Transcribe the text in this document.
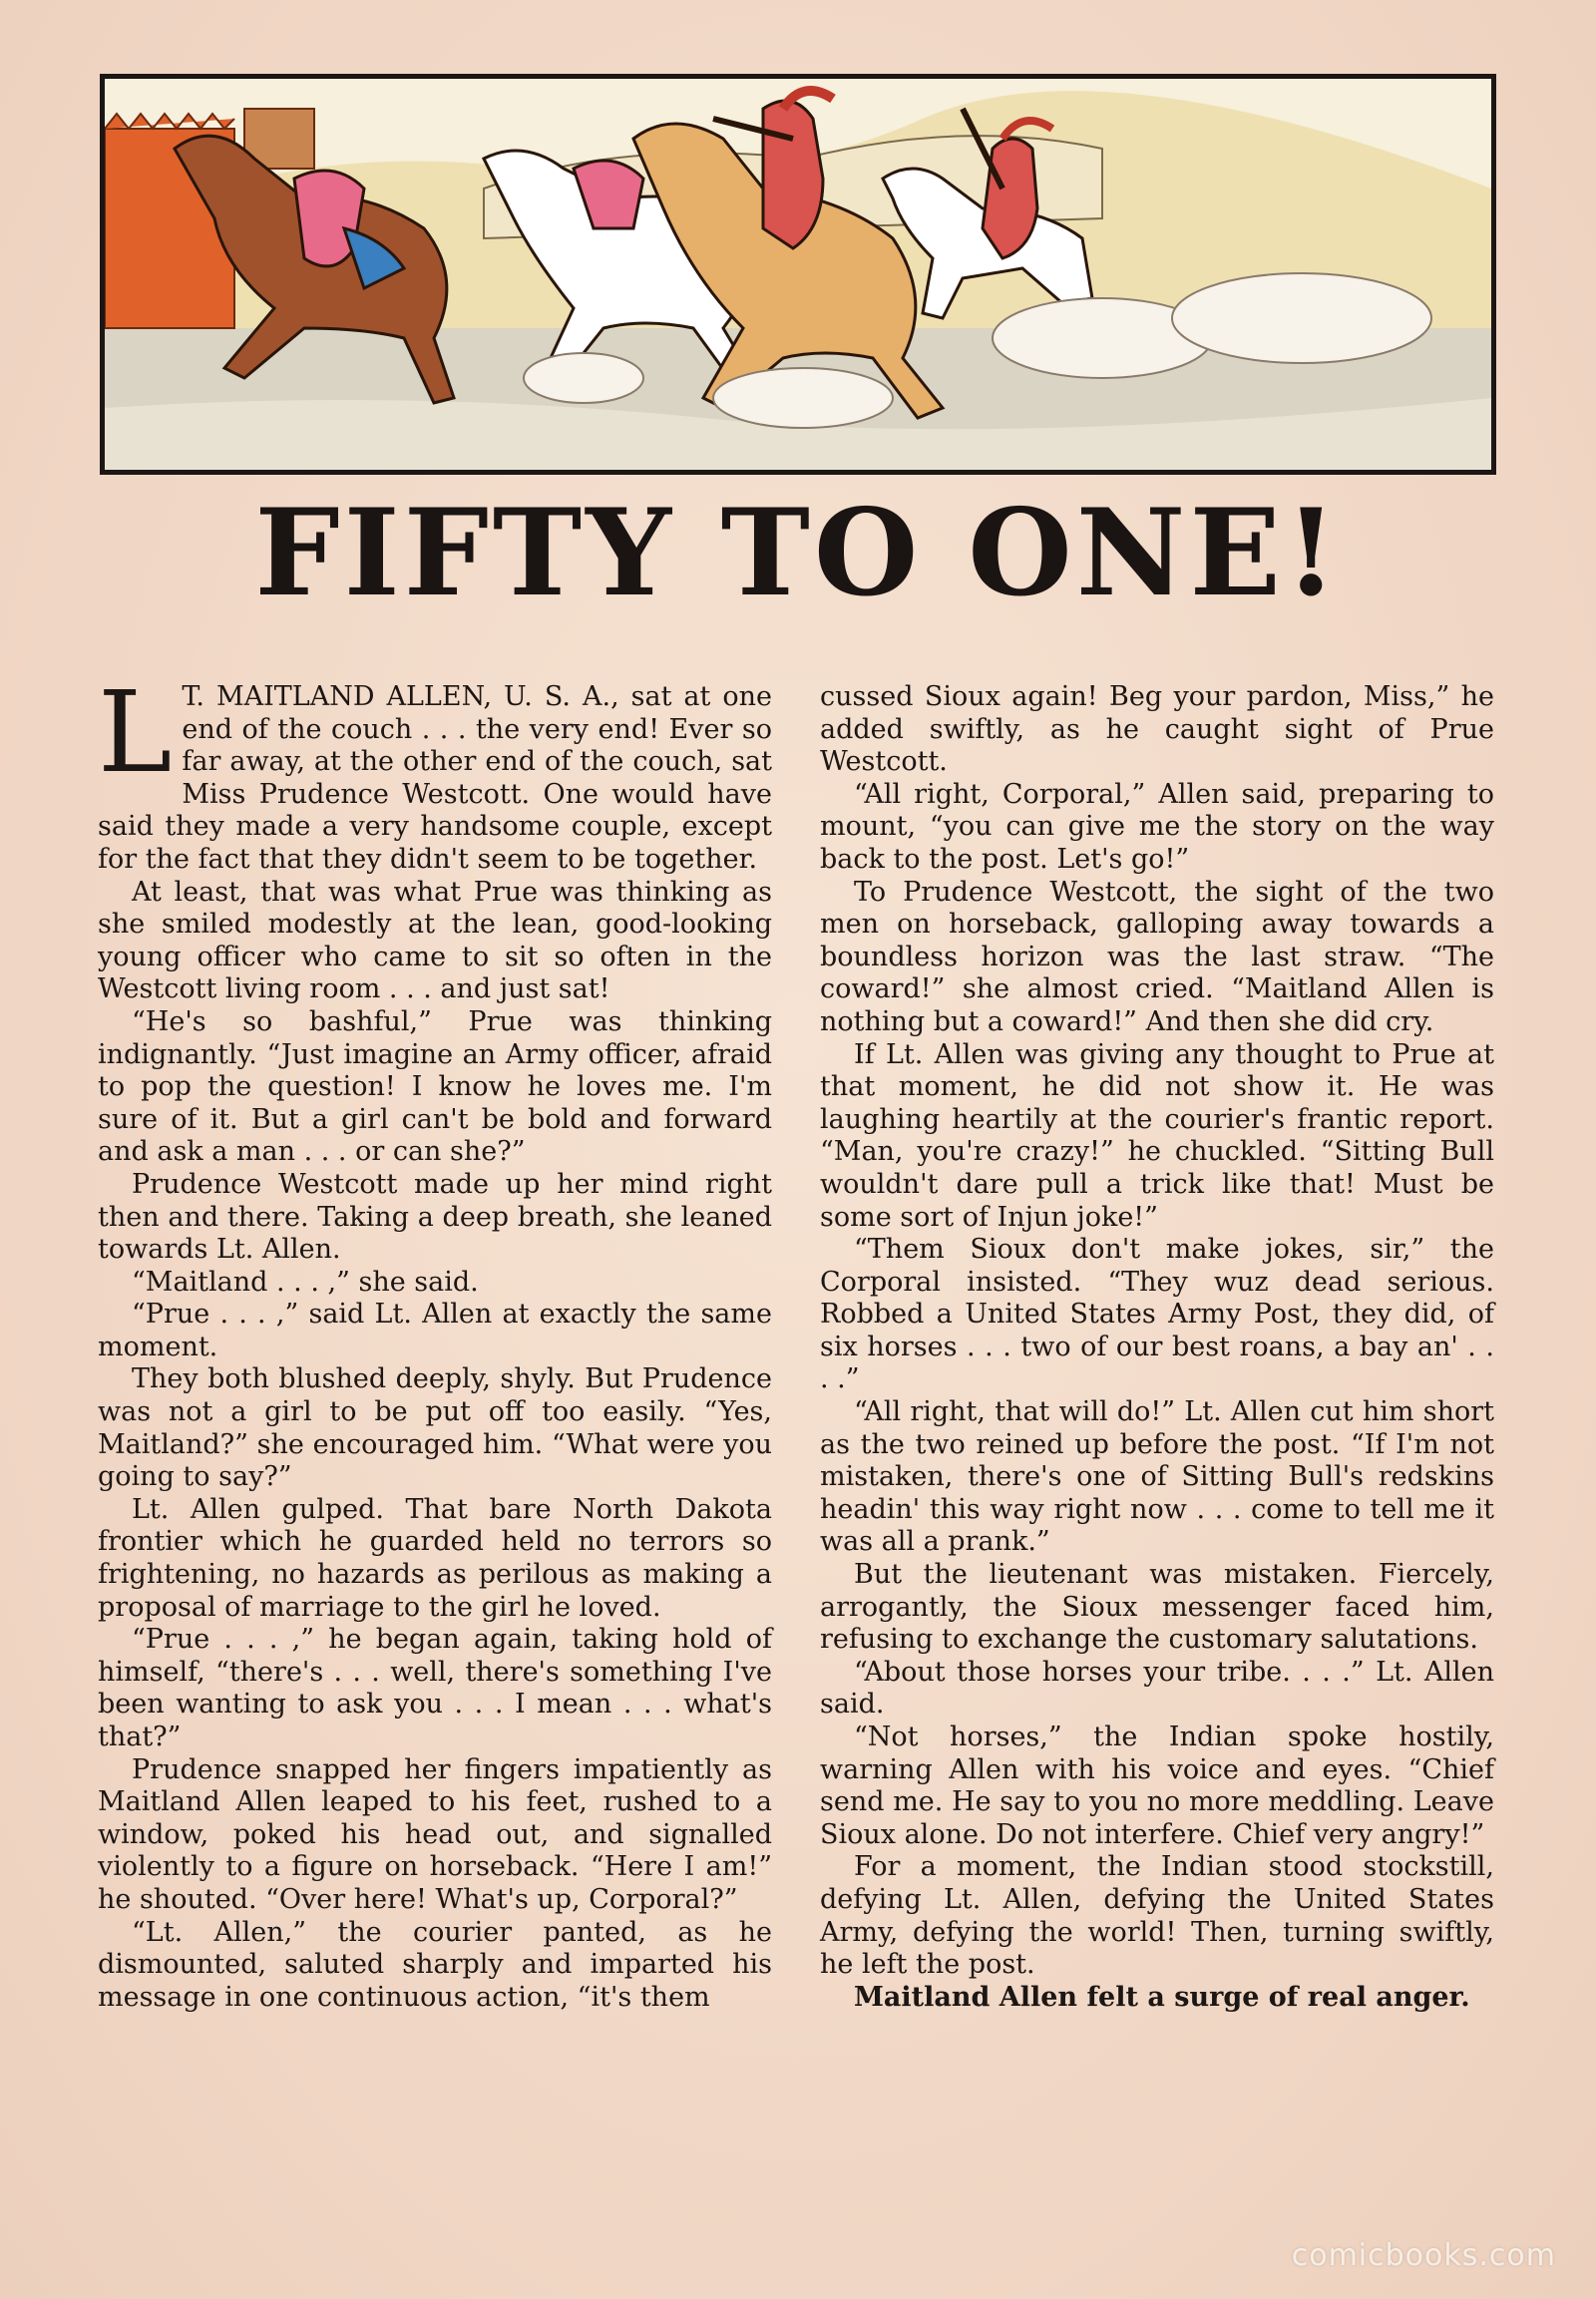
FIFTY TO ONE!

L T. MAITLAND ALLEN, U. S. A., sat at one end of the couch . . . the very end! Ever so far away, at the other end of the couch, sat Miss Prudence Westcott. One would have said they made a very handsome couple, except for the fact that they didn't seem to be together.

At least, that was what Prue was thinking as she smiled modestly at the lean, good-looking young officer who came to sit so often in the Westcott living room . . . and just sat!

“He's so bashful,” Prue was thinking indignantly. “Just imagine an Army officer, afraid to pop the question! I know he loves me. I'm sure of it. But a girl can't be bold and forward and ask a man . . . or can she?”

Prudence Westcott made up her mind right then and there. Taking a deep breath, she leaned towards Lt. Allen.

“Maitland . . . ,” she said.

“Prue . . . ,” said Lt. Allen at exactly the same moment.

They both blushed deeply, shyly. But Prudence was not a girl to be put off too easily. “Yes, Maitland?” she encouraged him. “What were you going to say?”

Lt. Allen gulped. That bare North Dakota frontier which he guarded held no terrors so frightening, no hazards as perilous as making a proposal of marriage to the girl he loved.

“Prue . . . ,” he began again, taking hold of himself, “there's . . . well, there's something I've been wanting to ask you . . . I mean . . . what's that?”

Prudence snapped her fingers impatiently as Maitland Allen leaped to his feet, rushed to a window, poked his head out, and signalled violently to a figure on horseback. “Here I am!” he shouted. “Over here! What's up, Corporal?”

“Lt. Allen,” the courier panted, as he dismounted, saluted sharply and imparted his message in one continuous action, “it's them

cussed Sioux again! Beg your pardon, Miss,” he added swiftly, as he caught sight of Prue Westcott.

“All right, Corporal,” Allen said, preparing to mount, “you can give me the story on the way back to the post. Let's go!”

To Prudence Westcott, the sight of the two men on horseback, galloping away towards a boundless horizon was the last straw. “The coward!” she almost cried. “Maitland Allen is nothing but a coward!” And then she did cry.

If Lt. Allen was giving any thought to Prue at that moment, he did not show it. He was laughing heartily at the courier's frantic report. “Man, you're crazy!” he chuckled. “Sitting Bull wouldn't dare pull a trick like that! Must be some sort of Injun joke!”

“Them Sioux don't make jokes, sir,” the Corporal insisted. “They wuz dead serious. Robbed a United States Army Post, they did, of six horses . . . two of our best roans, a bay an' . . . .”

“All right, that will do!” Lt. Allen cut him short as the two reined up before the post. “If I'm not mistaken, there's one of Sitting Bull's redskins headin' this way right now . . . come to tell me it was all a prank.”

But the lieutenant was mistaken. Fiercely, arrogantly, the Sioux messenger faced him, refusing to exchange the customary salutations.

“About those horses your tribe. . . .” Lt. Allen said.

“Not horses,” the Indian spoke hostily, warning Allen with his voice and eyes. “Chief send me. He say to you no more meddling. Leave Sioux alone. Do not interfere. Chief very angry!”

For a moment, the Indian stood stockstill, defying Lt. Allen, defying the United States Army, defying the world! Then, turning swiftly, he left the post.

Maitland Allen felt a surge of real anger.

comicbooks.com
